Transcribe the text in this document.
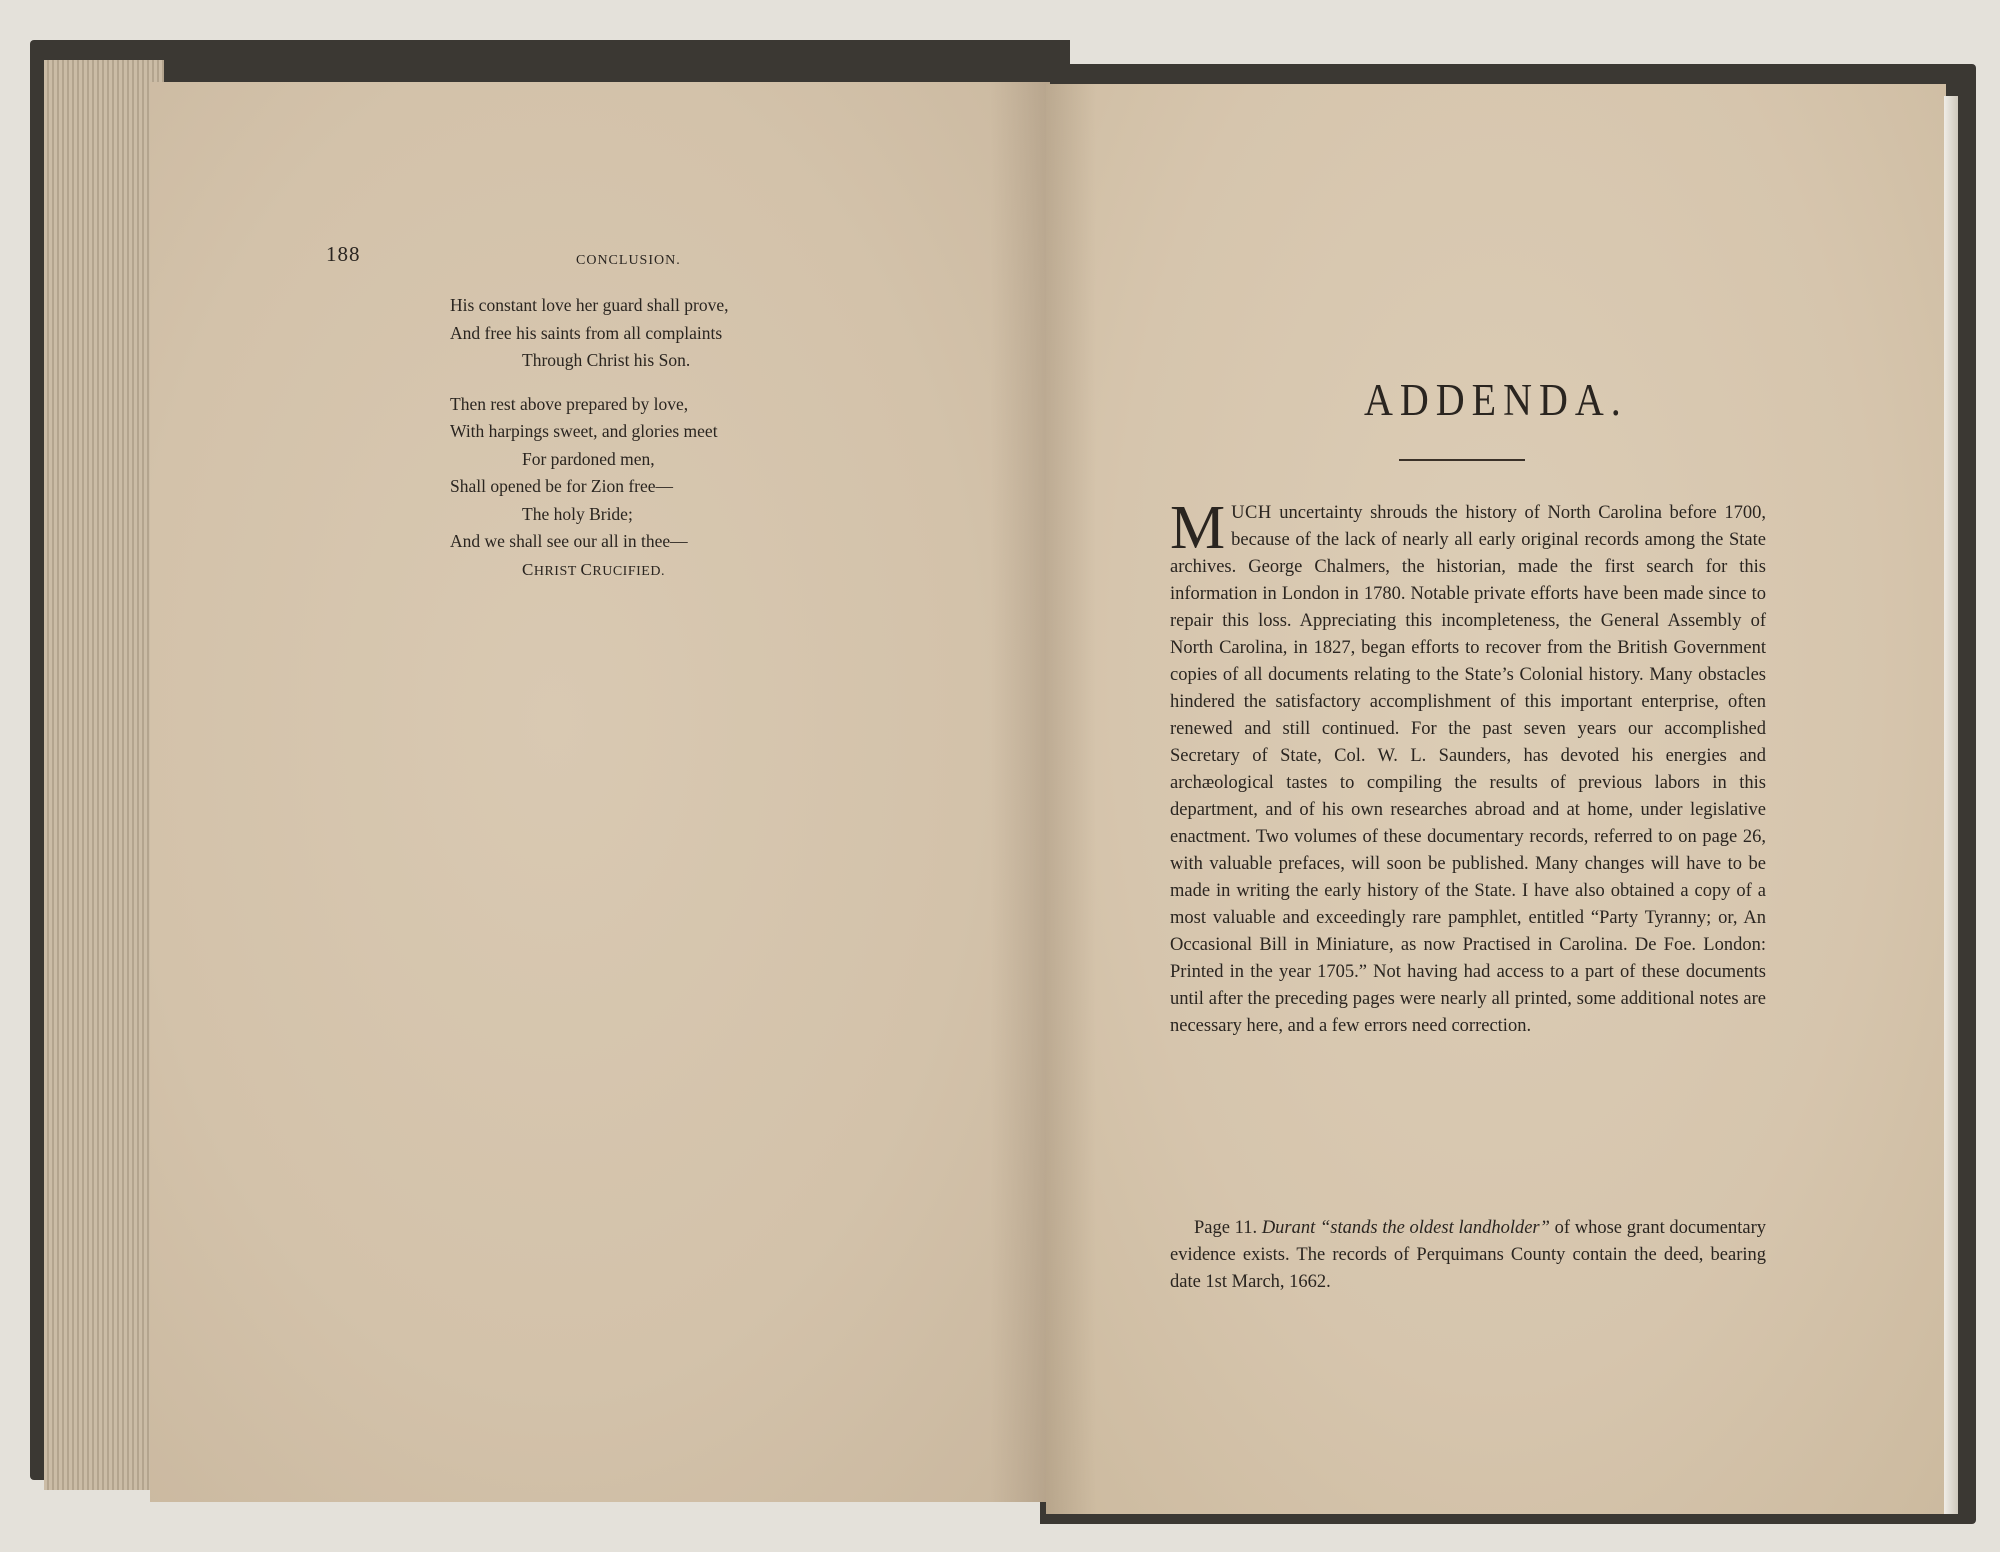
188	CONCLUSION.
His constant love her guard shall prove,
And free his saints from all complaints
Through Christ his Son.
Then rest above prepared by love,
With harpings sweet, and glories meet
For pardoned men,
Shall opened be for Zion free—
The holy Bride;
And we shall see our all in thee—
CHRIST CRUCIFIED.
ADDENDA.
MUCH uncertainty shrouds the history of North Carolina before 1700, because of the lack of nearly all early original records among the State archives. George Chalmers, the historian, made the first search for this information in London in 1780. Notable private efforts have been made since to repair this loss. Appreciating this incompleteness, the General Assembly of North Carolina, in 1827, began efforts to recover from the British Government copies of all documents relating to the State’s Colonial history. Many obstacles hindered the satisfactory accomplishment of this important enterprise, often renewed and still continued. For the past seven years our accomplished Secretary of State, Col. W. L. Saunders, has devoted his energies and archæological tastes to compiling the results of previous labors in this department, and of his own researches abroad and at home, under legislative enactment. Two volumes of these documentary records, referred to on page 26, with valuable prefaces, will soon be published. Many changes will have to be made in writing the early history of the State. I have also obtained a copy of a most valuable and exceedingly rare pamphlet, entitled “Party Tyranny; or, An Occasional Bill in Miniature, as now Practised in Carolina. De Foe. London: Printed in the year 1705.” Not having had access to a part of these documents until after the preceding pages were nearly all printed, some additional notes are necessary here, and a few errors need correction.
Page 11. Durant “stands the oldest landholder” of whose grant documentary evidence exists. The records of Perquimans County contain the deed, bearing date 1st March, 1662.
